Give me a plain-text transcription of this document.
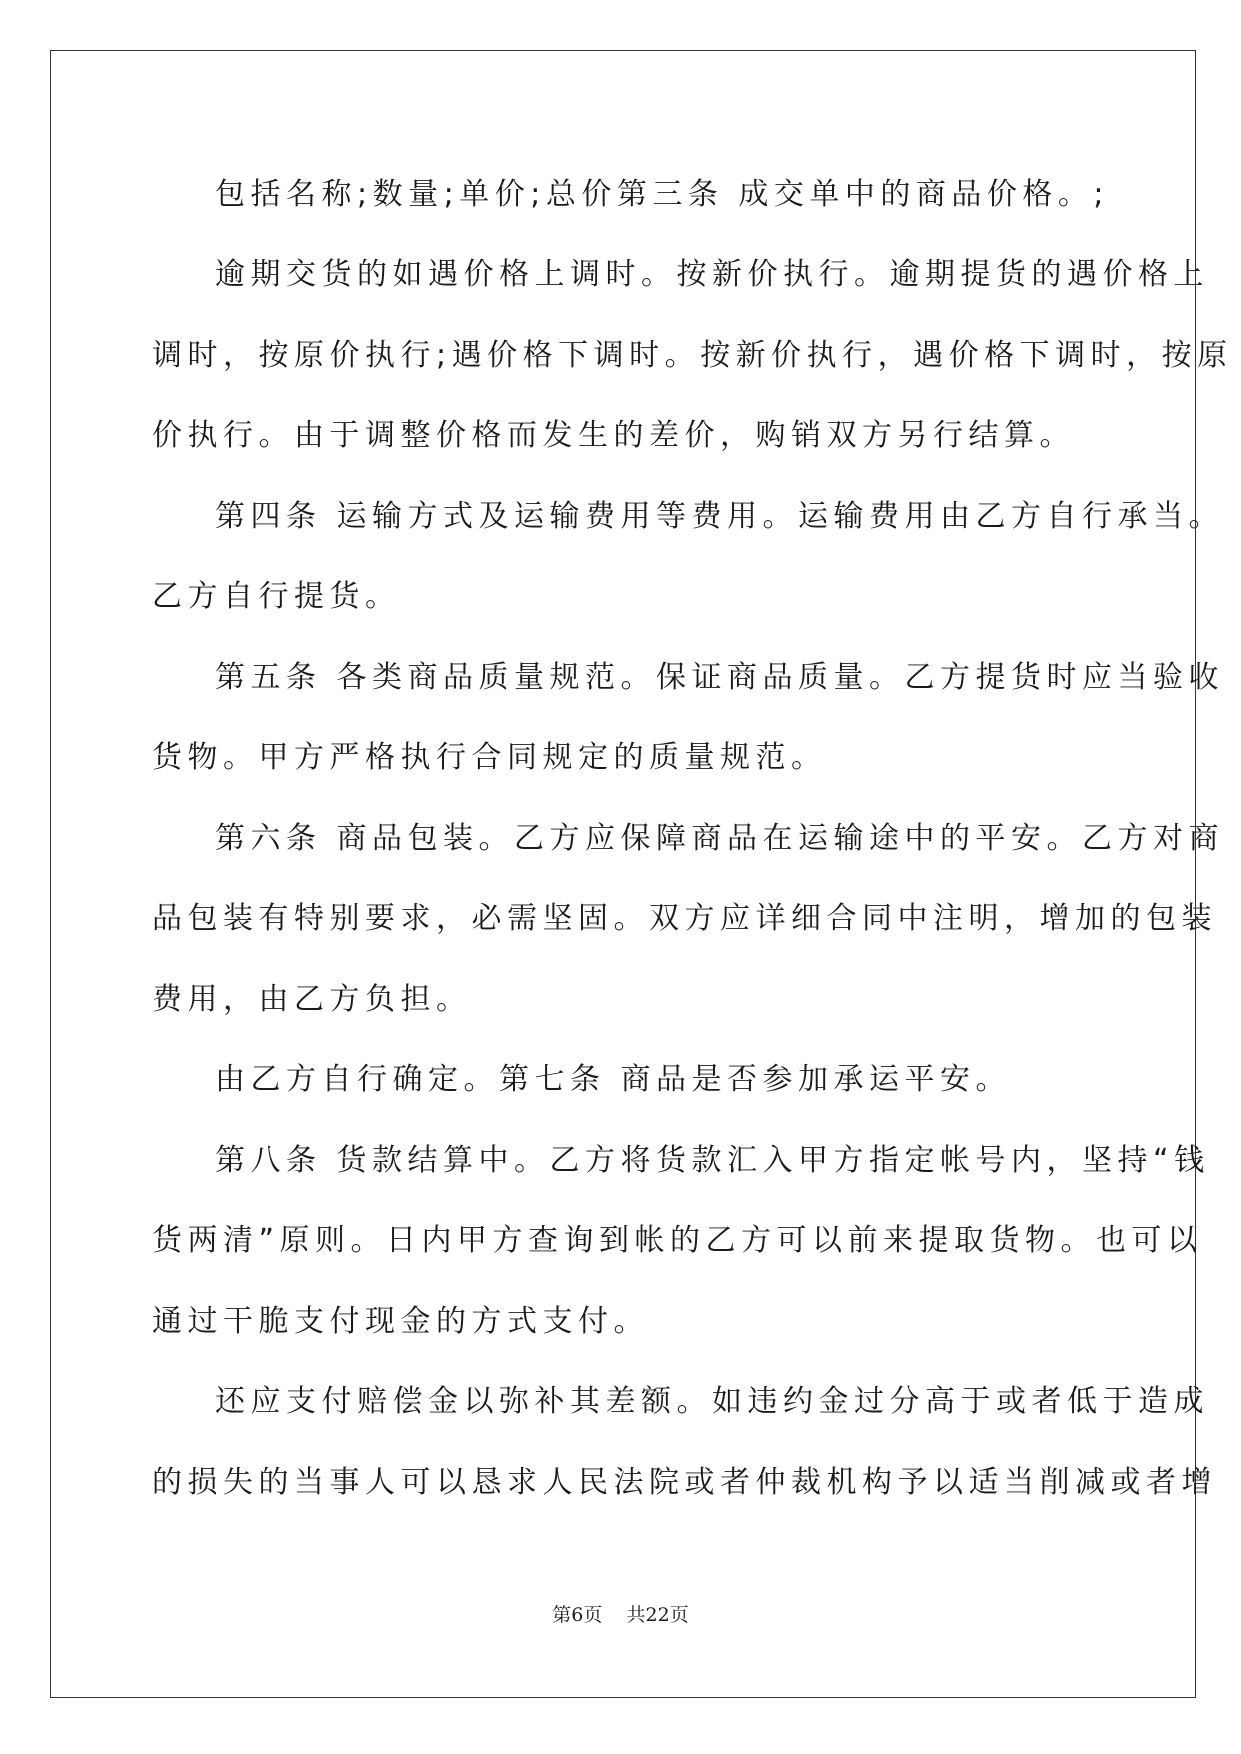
包括名称;数量;单价;总价第三条 成交单中的商品价格。;
逾期交货的如遇价格上调时。按新价执行。逾期提货的遇价格上
调时，按原价执行;遇价格下调时。按新价执行，遇价格下调时，按原
价执行。由于调整价格而发生的差价，购销双方另行结算。
第四条 运输方式及运输费用等费用。运输费用由乙方自行承当。
乙方自行提货。
第五条 各类商品质量规范。保证商品质量。乙方提货时应当验收
货物。甲方严格执行合同规定的质量规范。
第六条 商品包装。乙方应保障商品在运输途中的平安。乙方对商
品包装有特别要求，必需坚固。双方应详细合同中注明，增加的包装
费用，由乙方负担。
由乙方自行确定。第七条 商品是否参加承运平安。
第八条 货款结算中。乙方将货款汇入甲方指定帐号内，坚持“钱
货两清”原则。日内甲方查询到帐的乙方可以前来提取货物。也可以
通过干脆支付现金的方式支付。
还应支付赔偿金以弥补其差额。如违约金过分高于或者低于造成
的损失的当事人可以恳求人民法院或者仲裁机构予以适当削减或者增
第6页    共22页
